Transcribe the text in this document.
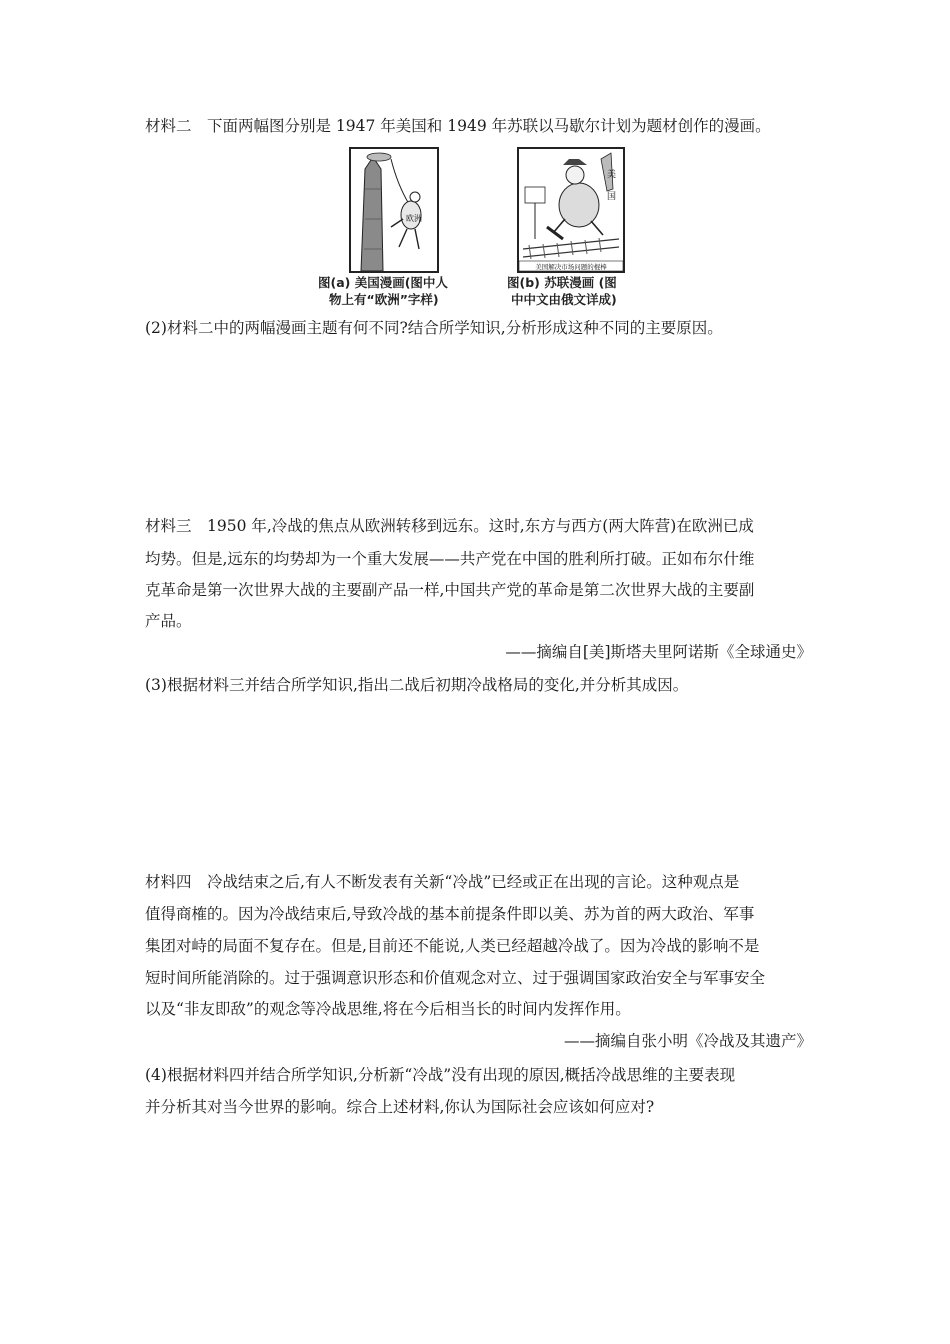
材料二　下面两幅图分别是 1947 年美国和 1949 年苏联以马歇尔计划为题材创作的漫画。
欧洲
图(a) 美国漫画(图中人
物上有“欧洲”字样)
美
国
美国解决市场问题的棍棒
图(b) 苏联漫画 (图
中中文由俄文详成)
(2)材料二中的两幅漫画主题有何不同?结合所学知识,分析形成这种不同的主要原因。
材料三　1950 年,冷战的焦点从欧洲转移到远东。这时,东方与西方(两大阵营)在欧洲已成
均势。但是,远东的均势却为一个重大发展——共产党在中国的胜利所打破。正如布尔什维
克革命是第一次世界大战的主要副产品一样,中国共产党的革命是第二次世界大战的主要副
产品。
——摘编自[美]斯塔夫里阿诺斯《全球通史》
(3)根据材料三并结合所学知识,指出二战后初期冷战格局的变化,并分析其成因。
材料四　冷战结束之后,有人不断发表有关新“冷战”已经或正在出现的言论。这种观点是
值得商榷的。因为冷战结束后,导致冷战的基本前提条件即以美、苏为首的两大政治、军事
集团对峙的局面不复存在。但是,目前还不能说,人类已经超越冷战了。因为冷战的影响不是
短时间所能消除的。过于强调意识形态和价值观念对立、过于强调国家政治安全与军事安全
以及“非友即敌”的观念等冷战思维,将在今后相当长的时间内发挥作用。
——摘编自张小明《冷战及其遗产》
(4)根据材料四并结合所学知识,分析新“冷战”没有出现的原因,概括冷战思维的主要表现
并分析其对当今世界的影响。综合上述材料,你认为国际社会应该如何应对?
